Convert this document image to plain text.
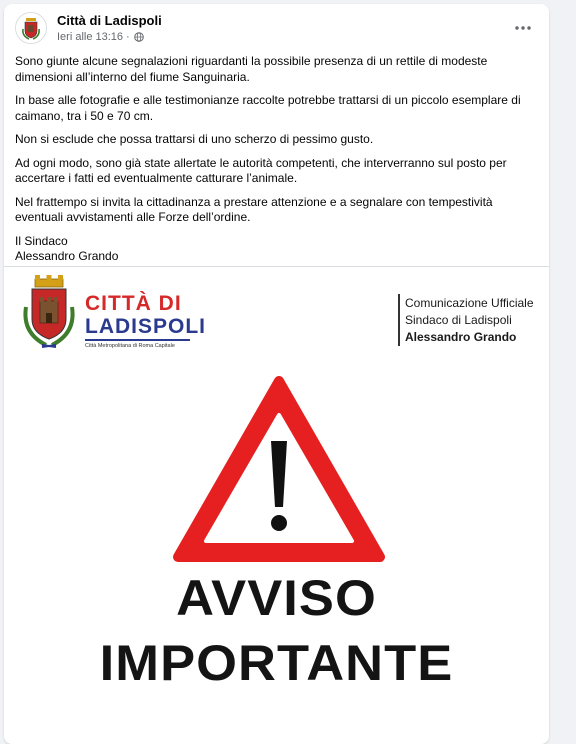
Città di Ladispoli
Ieri alle 13:16 ·

Sono giunte alcune segnalazioni riguardanti la possibile presenza di un rettile di modeste dimensioni all’interno del fiume Sanguinaria.

In base alle fotografie e alle testimonianze raccolte potrebbe trattarsi di un piccolo esemplare di caimano, tra i 50 e 70 cm.

Non si esclude che possa trattarsi di uno scherzo di pessimo gusto.

Ad ogni modo, sono già state allertate le autorità competenti, che interverranno sul posto per accertare i fatti ed eventualmente catturare l’animale.

Nel frattempo si invita la cittadinanza a prestare attenzione e a segnalare con tempestività eventuali avvistamenti alle Forze dell’ordine.

Il Sindaco
Alessandro Grando
CITTÀ DI
LADISPOLI
Città Metropolitana di Roma Capitale
Comunicazione Ufficiale
Sindaco di Ladispoli
Alessandro Grando
AVVISO
IMPORTANTE
